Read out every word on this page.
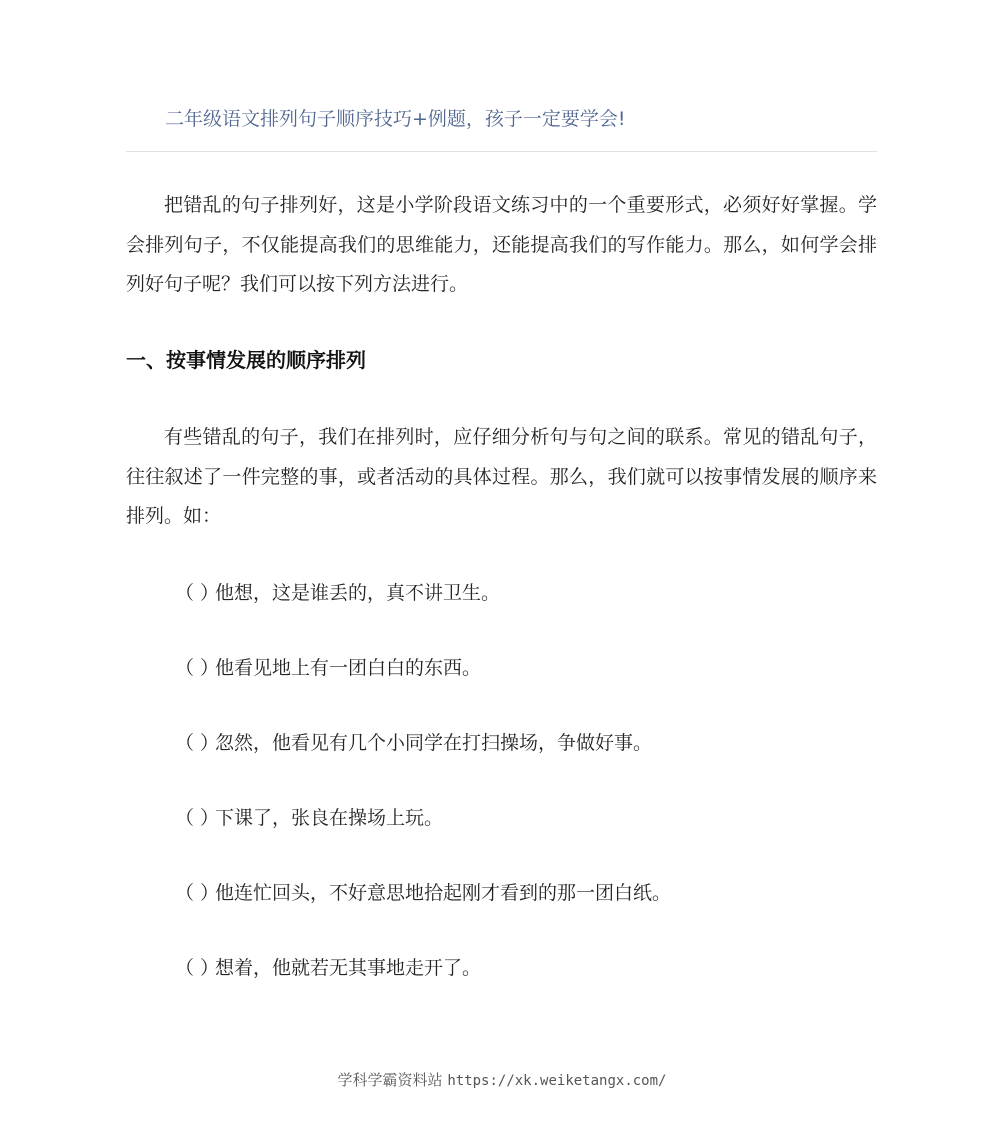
二年级语文排列句子顺序技巧+例题，孩子一定要学会!

把错乱的句子排列好，这是小学阶段语文练习中的一个重要形式，必须好好掌握。学会排列句子，不仅能提高我们的思维能力，还能提高我们的写作能力。那么，如何学会排列好句子呢？我们可以按下列方法进行。

一、按事情发展的顺序排列

有些错乱的句子，我们在排列时，应仔细分析句与句之间的联系。常见的错乱句子，往往叙述了一件完整的事，或者活动的具体过程。那么，我们就可以按事情发展的顺序来排列。如：

（ ）
他想，这是谁丢的，真不讲卫生。
（ ）
他看见地上有一团白白的东西。
（ ）
忽然，他看见有几个小同学在打扫操场，争做好事。
（ ）
下课了，张良在操场上玩。
（ ）
他连忙回头，不好意思地拾起刚才看到的那一团白纸。
（ ）
想着，他就若无其事地走开了。
学科学霸资料站 https://xk.weiketangx.com/
